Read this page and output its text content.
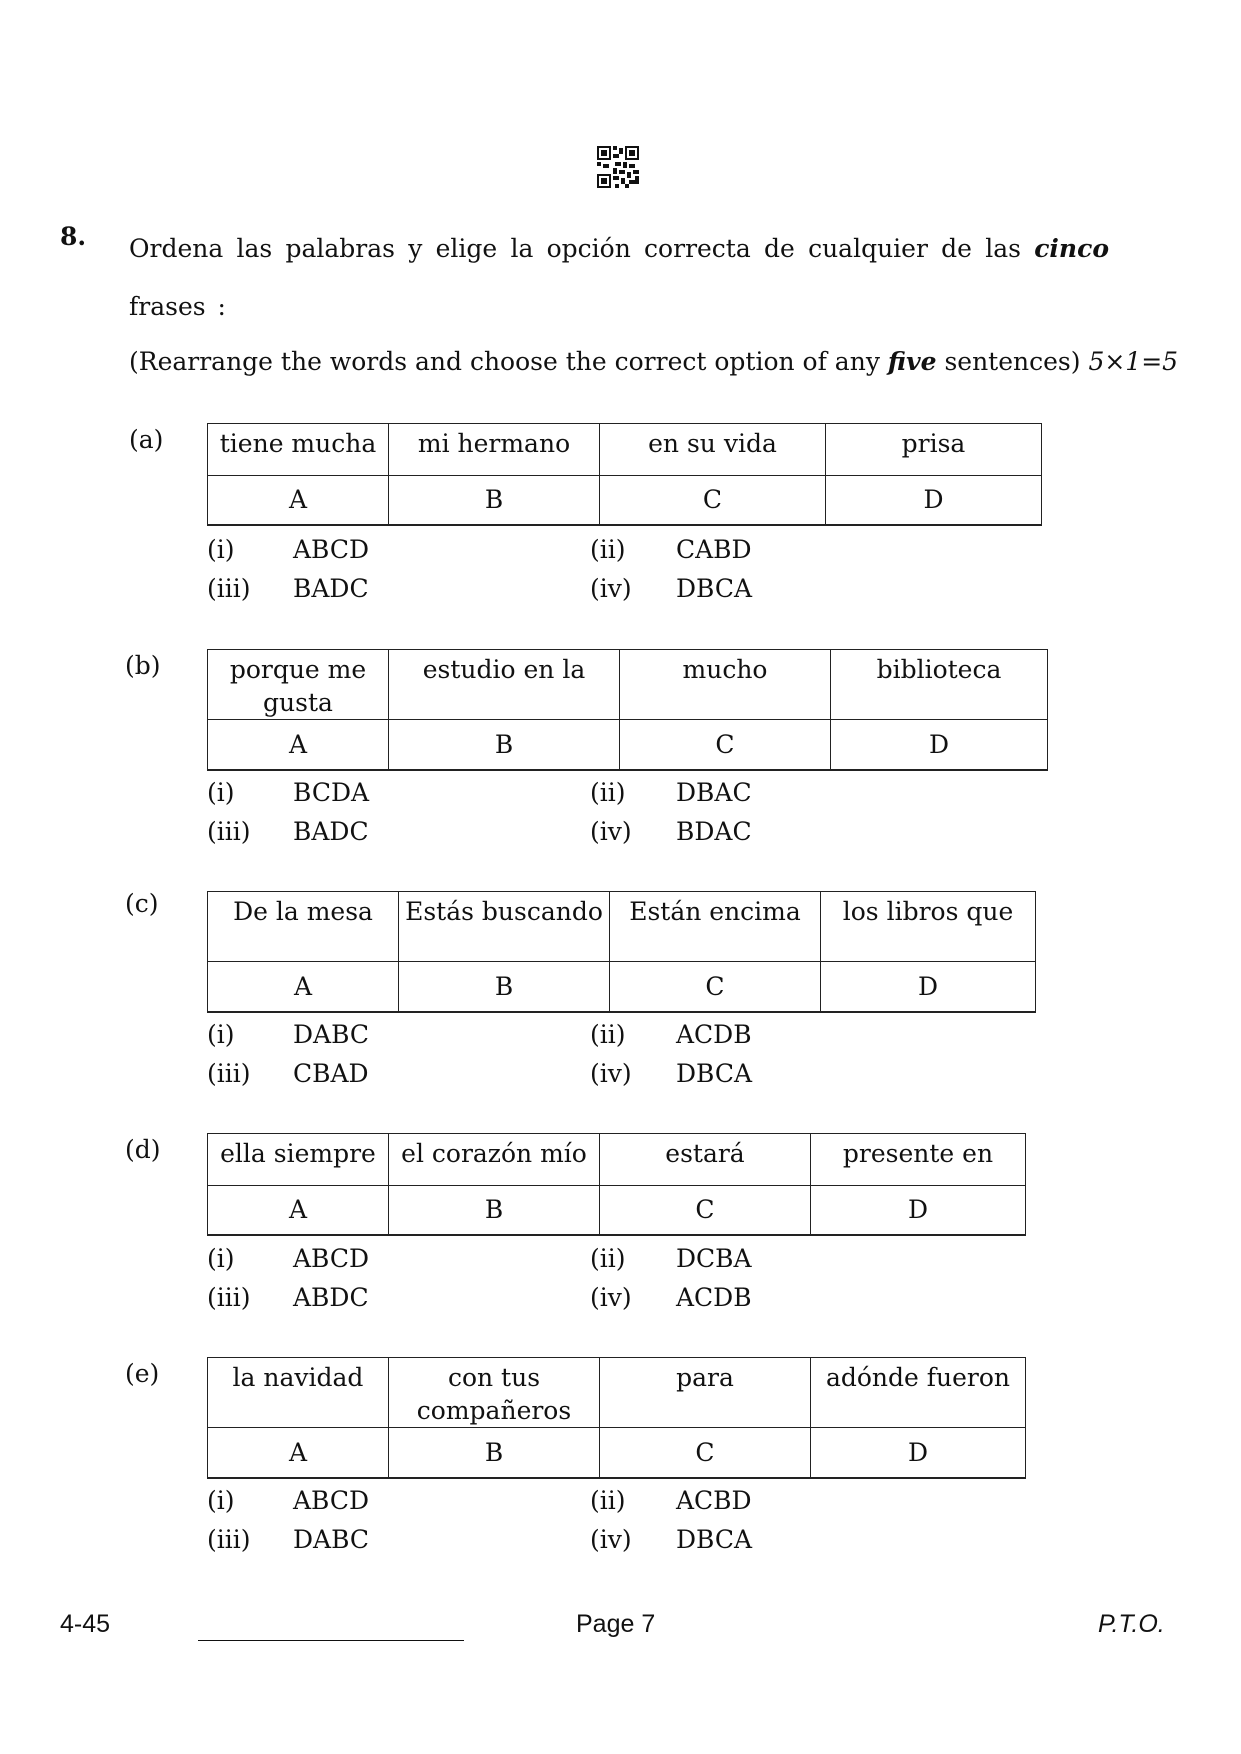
8. Ordena las palabras y elige la opción correcta de cualquier de las cinco frases :
(Rearrange the words and choose the correct option of any five sentences) 5×1=5
(a) tiene mucha	mi hermano	en su vida	prisa
A	B	C	D
(i) ABCD	(ii) CABD
(iii) BADC	(iv) DBCA
(b)	porque me gusta	estudio en la	mucho	biblioteca
A	B	C	D
(i) BCDA	(ii) DBAC
(iii) BADC	(iv) BDAC
(c)	De la mesa	Estás buscando	Están encima	los libros que
A	B	C	D
(i) DABC	(ii) ACDB
(iii) CBAD	(iv) DBCA
(d) ella siempre	el corazón mío	estará	presente en
A	B	C	D
(i) ABCD	(ii) DCBA
(iii) ABDC	(iv) ACDB
(e)	la navidad	con tus compañeros	para	adónde fueron
A	B	C	D
(i) ABCD	(ii) ACBD
(iii) DABC	(iv) DBCA
4-45	Page 7	P.T.O.
